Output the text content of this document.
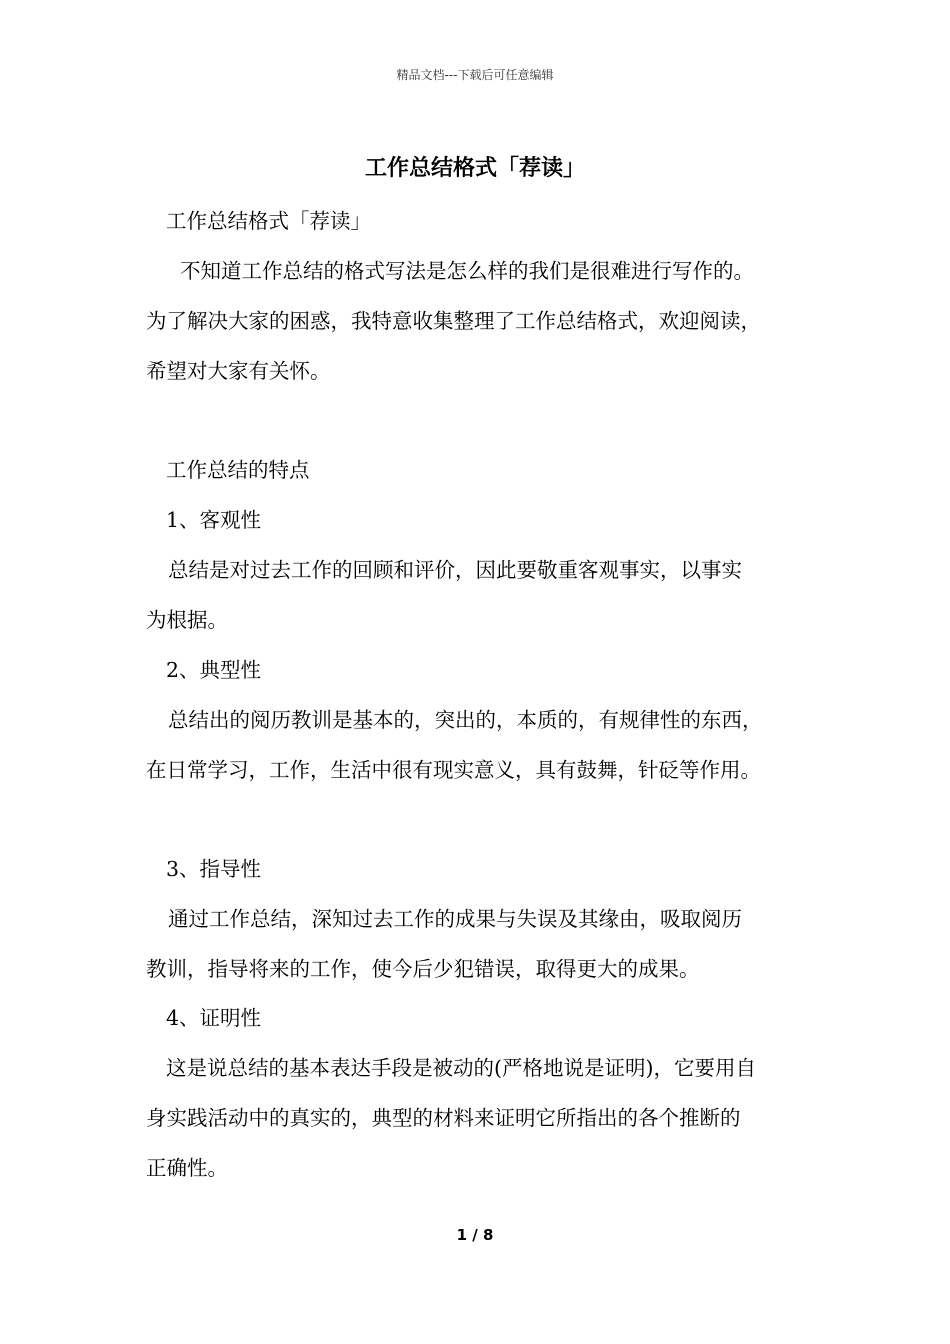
精品文档---下载后可任意编辑
工作总结格式「荐读」
工作总结格式「荐读」
不知道工作总结的格式写法是怎么样的我们是很难进行写作的。
为了解决大家的困惑，我特意收集整理了工作总结格式，欢迎阅读，
希望对大家有关怀。
工作总结的特点
1、客观性
总结是对过去工作的回顾和评价，因此要敬重客观事实，以事实
为根据。
2、典型性
总结出的阅历教训是基本的，突出的，本质的，有规律性的东西，
在日常学习，工作，生活中很有现实意义，具有鼓舞，针砭等作用。
3、指导性
通过工作总结，深知过去工作的成果与失误及其缘由，吸取阅历
教训，指导将来的工作，使今后少犯错误，取得更大的成果。
4、证明性
这是说总结的基本表达手段是被动的(严格地说是证明)，它要用自
身实践活动中的真实的，典型的材料来证明它所指出的各个推断的
正确性。
1 / 8
